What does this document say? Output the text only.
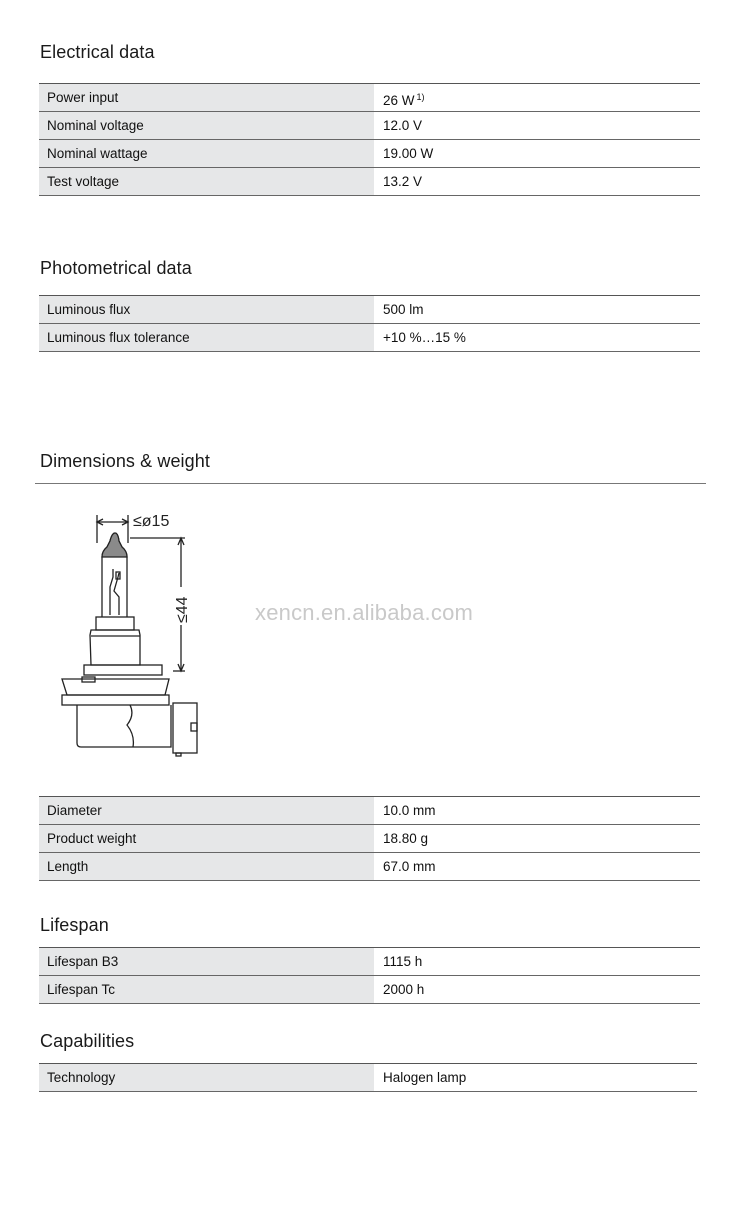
Electrical data
Power input	26 W $^{1)}$
Nominal voltage	12.0 V
Nominal wattage	19.00 W
Test voltage	13.2 V
Photometrical data
Luminous flux	500 lm
Luminous flux tolerance	+10 %…15 %
Dimensions & weight
≤ø15
≤44	xencn.en.alibaba.com
Diameter	10.0 mm
Product weight	18.80 g
Length	67.0 mm
Lifespan
Lifespan B3	1115 h
Lifespan Tc	2000 h
Capabilities
Technology	Halogen lamp
